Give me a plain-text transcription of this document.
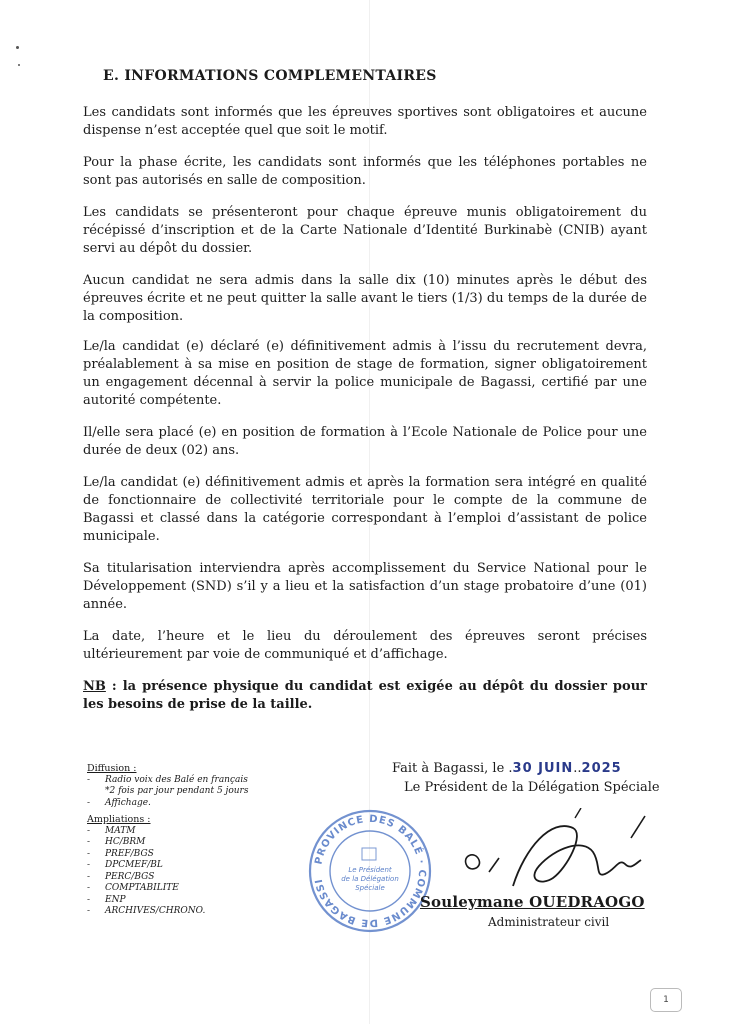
E. INFORMATIONS COMPLEMENTAIRES

Les candidats sont informés que les épreuves sportives sont obligatoires et aucune dispense n’est acceptée quel que soit le motif.

Pour la phase écrite, les candidats sont informés que les téléphones portables ne sont pas autorisés en salle de composition.

Les candidats se présenteront pour chaque épreuve munis obligatoirement du récépissé d’inscription et de la Carte Nationale d’Identité Burkinabè (CNIB) ayant servi au dépôt du dossier.

Aucun candidat ne sera admis dans la salle dix (10) minutes après le début des épreuves écrite et ne peut quitter la salle avant le tiers (1/3) du temps de la durée de la composition.

Le/la candidat (e) déclaré (e) définitivement admis à l’issu du recrutement devra, préalablement à sa mise en position de stage de formation, signer obligatoirement un engagement décennal à servir la police municipale de Bagassi, certifié par une autorité compétente.

Il/elle sera placé (e) en position de formation à l’Ecole Nationale de Police pour une durée de deux (02) ans.

Le/la candidat (e) définitivement admis et après la formation sera intégré en qualité de fonctionnaire de collectivité territoriale pour le compte de la commune de Bagassi et classé dans la catégorie correspondant à l’emploi d’assistant de police municipale.

Sa titularisation interviendra après accomplissement du Service National pour le Développement (SND) s’il y a lieu et la satisfaction d’un stage probatoire d’une (01) année.

La date, l’heure et le lieu du déroulement des épreuves seront précises ultérieurement par voie de communiqué et d’affichage.

NB : la présence physique du candidat est exigée au dépôt du dossier pour les besoins de prise de la taille.

Diffusion :
- Radio voix des Balé en français
*2 fois par jour pendant 5 jours
- Affichage.
Ampliations :
- MATM
- HC/BRM
- PREF/BGS
- DPCMEF/BL
- PERC/BGS
- COMPTABILITE
- ENP
- ARCHIVES/CHRONO.
Fait à Bagassi, le .30 JUIN..2025
Le Président de la Délégation Spéciale
PROVINCE DES BALÉ · COMMUNE DE BAGASSI
Le Président
de la Délégation
Spéciale
Souleymane OUEDRAOGO
Administrateur civil
1
